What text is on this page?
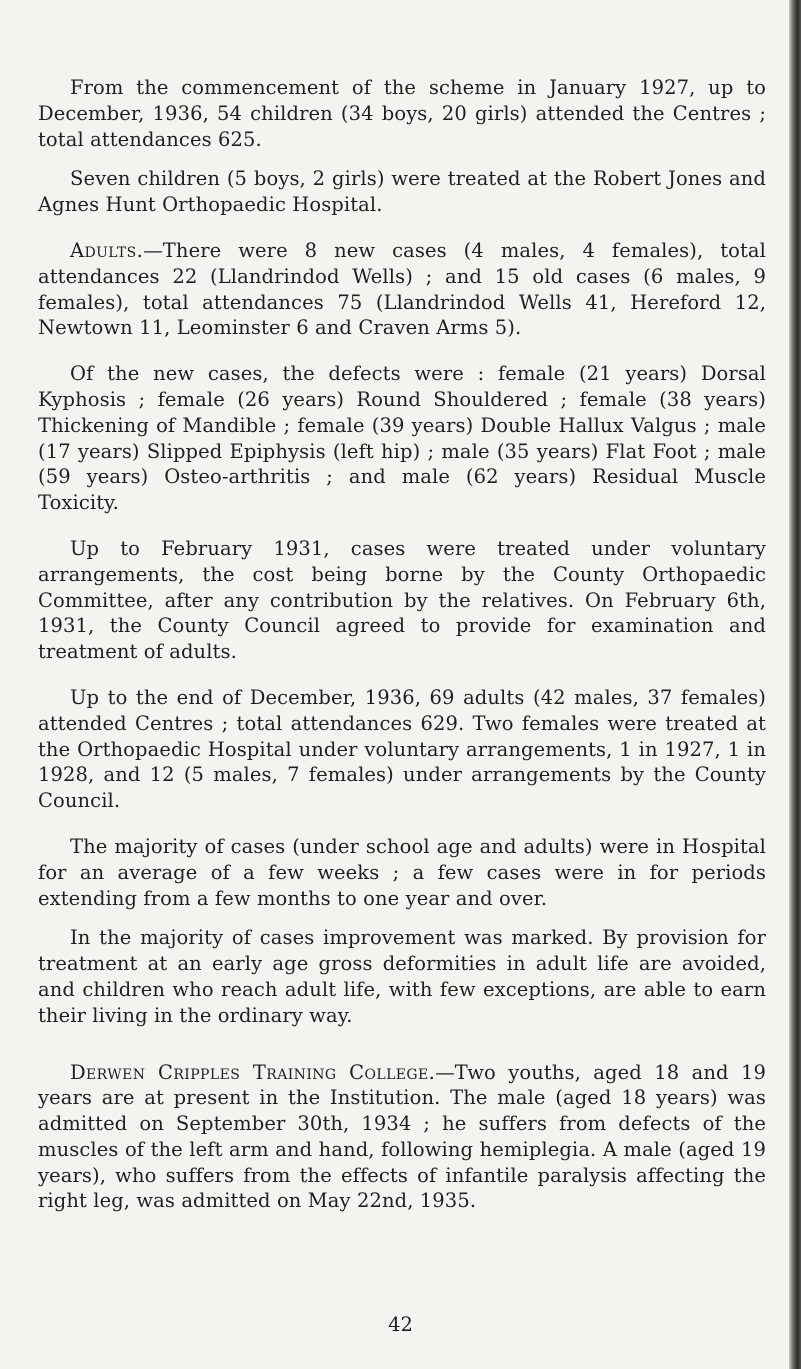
From the commencement of the scheme in January 1927, up to December, 1936, 54 children (34 boys, 20 girls) attended the Centres ; total attendances 625.

Seven children (5 boys, 2 girls) were treated at the Robert Jones and Agnes Hunt Orthopaedic Hospital.

Adults.—There were 8 new cases (4 males, 4 females), total attendances 22 (Llandrindod Wells) ; and 15 old cases (6 males, 9 females), total attendances 75 (Llandrindod Wells 41, Hereford 12, Newtown 11, Leominster 6 and Craven Arms 5).

Of the new cases, the defects were : female (21 years) Dorsal Kyphosis ; female (26 years) Round Shouldered ; female (38 years) Thickening of Mandible ; female (39 years) Double Hallux Valgus ; male (17 years) Slipped Epiphysis (left hip) ; male (35 years) Flat Foot ; male (59 years) Osteo-arthritis ; and male (62 years) Residual Muscle Toxicity.

Up to February 1931, cases were treated under voluntary arrangements, the cost being borne by the County Orthopaedic Committee, after any contribution by the relatives. On February 6th, 1931, the County Council agreed to provide for examination and treatment of adults.

Up to the end of December, 1936, 69 adults (42 males, 37 females) attended Centres ; total attendances 629. Two females were treated at the Orthopaedic Hospital under voluntary arrangements, 1 in 1927, 1 in 1928, and 12 (5 males, 7 females) under arrangements by the County Council.

The majority of cases (under school age and adults) were in Hospital for an average of a few weeks ; a few cases were in for periods extending from a few months to one year and over.

In the majority of cases improvement was marked. By provision for treatment at an early age gross deformities in adult life are avoided, and children who reach adult life, with few exceptions, are able to earn their living in the ordinary way.

Derwen Cripples Training College.—Two youths, aged 18 and 19 years are at present in the Institution. The male (aged 18 years) was admitted on September 30th, 1934 ; he suffers from defects of the muscles of the left arm and hand, following hemiplegia. A male (aged 19 years), who suffers from the effects of infantile paralysis affecting the right leg, was admitted on May 22nd, 1935.

42
